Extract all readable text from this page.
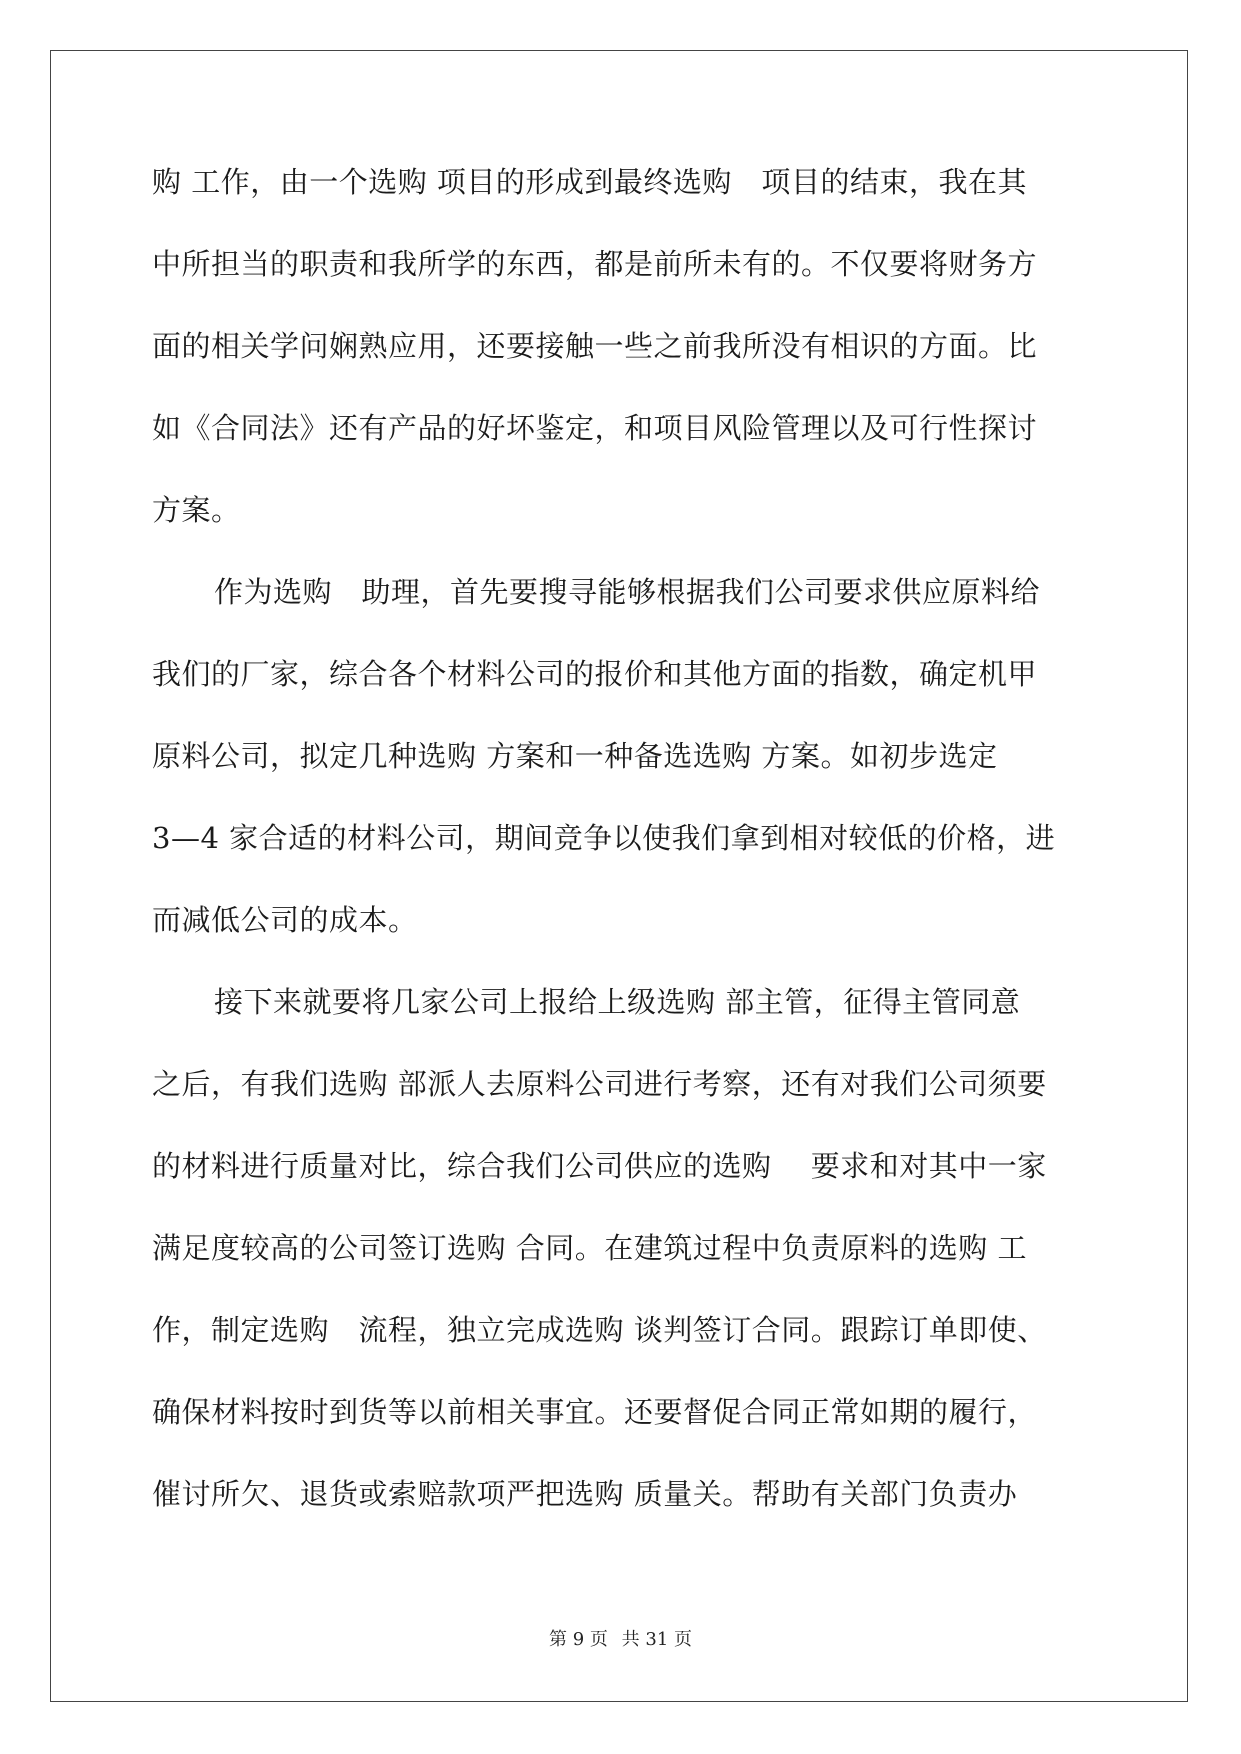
购 工作，由一个选购 项目的形成到最终选购　项目的结束，我在其
中所担当的职责和我所学的东西，都是前所未有的。不仅要将财务方
面的相关学问娴熟应用，还要接触一些之前我所没有相识的方面。比
如《合同法》还有产品的好坏鉴定，和项目风险管理以及可行性探讨
方案。
作为选购　助理，首先要搜寻能够根据我们公司要求供应原料给
我们的厂家，综合各个材料公司的报价和其他方面的指数，确定机甲
原料公司，拟定几种选购 方案和一种备选选购 方案。如初步选定
3—4 家合适的材料公司，期间竞争以使我们拿到相对较低的价格，进
而减低公司的成本。
接下来就要将几家公司上报给上级选购 部主管，征得主管同意
之后，有我们选购 部派人去原料公司进行考察，还有对我们公司须要
的材料进行质量对比，综合我们公司供应的选购　 要求和对其中一家
满足度较高的公司签订选购 合同。在建筑过程中负责原料的选购 工
作，制定选购　流程，独立完成选购 谈判签订合同。跟踪订单即使、
确保材料按时到货等以前相关事宜。还要督促合同正常如期的履行，
催讨所欠、退货或索赔款项严把选购 质量关。帮助有关部门负责办
第 9 页 共 31 页
